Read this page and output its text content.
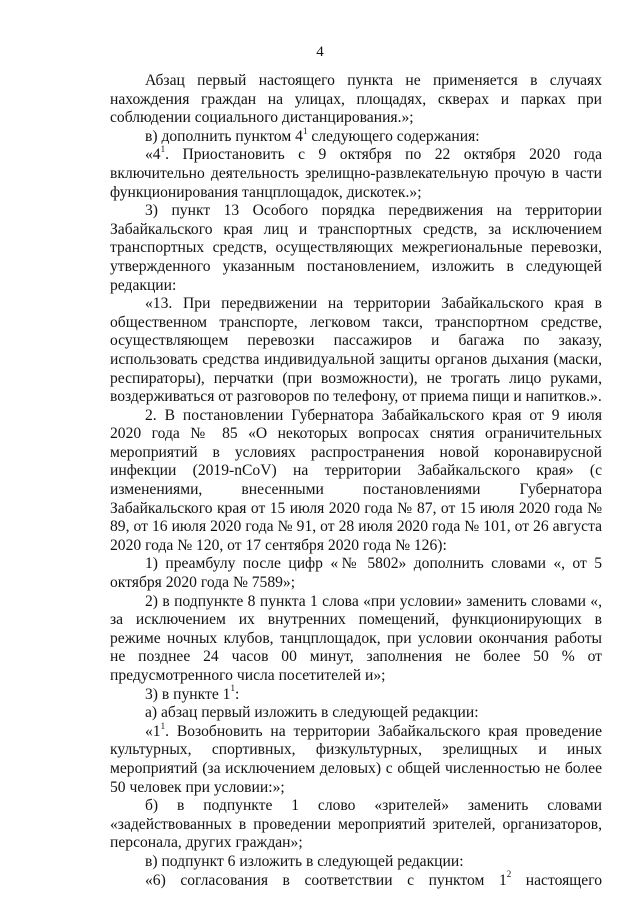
4

Абзац первый настоящего пункта не применяется в случаях нахождения граждан на улицах, площадях, скверах и парках при соблюдении социального дистанцирования.»;

в) дополнить пунктом $4^1$ следующего содержания:

«$4^1$. Приостановить с 9 октября по 22 октября 2020 года включительно деятельность зрелищно-развлекательную прочую в части функционирования танцплощадок, дискотек.»;

3) пункт 13 Особого порядка передвижения на территории Забайкальского края лиц и транспортных средств, за исключением транспортных средств, осуществляющих межрегиональные перевозки, утвержденного указанным постановлением, изложить в следующей редакции:

«13. При передвижении на территории Забайкальского края в общественном транспорте, легковом такси, транспортном средстве, осуществляющем перевозки пассажиров и багажа по заказу, использовать средства индивидуальной защиты органов дыхания (маски, респираторы), перчатки (при возможности), не трогать лицо руками, воздерживаться от разговоров по телефону, от приема пищи и напитков.».

2. В постановлении Губернатора Забайкальского края от 9 июля 2020 года № 85 «О некоторых вопросах снятия ограничительных мероприятий в условиях распространения новой коронавирусной инфекции (2019-nCoV) на территории Забайкальского края» (с изменениями, внесенными постановлениями Губернатора Забайкальского края от 15 июля 2020 года № 87, от 15 июля 2020 года № 89, от 16 июля 2020 года № 91, от 28 июля 2020 года № 101, от 26 августа 2020 года № 120, от 17 сентября 2020 года № 126):

1) преамбулу после цифр «№ 5802» дополнить словами «, от 5 октября 2020 года № 7589»;

2) в подпункте 8 пункта 1 слова «при условии» заменить словами «, за исключением их внутренних помещений, функционирующих в режиме ночных клубов, танцплощадок, при условии окончания работы не позднее 24 часов 00 минут, заполнения не более 50 % от предусмотренного числа посетителей и»;

3) в пункте $1^1$:

а) абзац первый изложить в следующей редакции:

«$1^1$. Возобновить на территории Забайкальского края проведение культурных, спортивных, физкультурных, зрелищных и иных мероприятий (за исключением деловых) с общей численностью не более 50 человек при условии:»;

б) в подпункте 1 слово «зрителей» заменить словами «задействованных в проведении мероприятий зрителей, организаторов, персонала, других граждан»;

в) подпункт 6 изложить в следующей редакции:

«6) согласования в соответствии с пунктом $1^2$ настоящего
